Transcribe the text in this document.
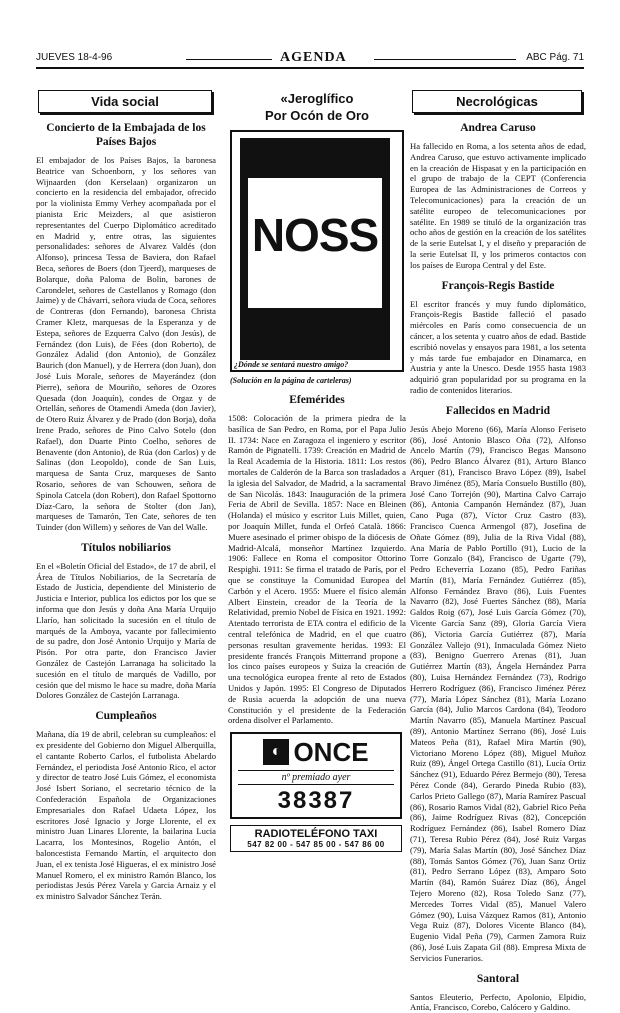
JUEVES 18-4-96	AGENDA	ABC Pág. 71
Vida social
Concierto de la Embajada de los Países Bajos

El embajador de los Países Bajos, la baronesa Beatrice van Schoenborn, y los señores van Wijnaarden (don Kerselaan) organizaron un concierto en la residencia del embajador, ofrecido por la violinista Emmy Verhey acompañada por el pianista Eric Meizders, al que asistieron representantes del Cuerpo Diplomático acreditado en Madrid y, entre otras, las siguientes personalidades: señores de Alvarez Valdés (don Alfonso), princesa Tessa de Baviera, don Rafael Beca, señores de Boers (don Tjeerd), marqueses de Bolarque, doña Paloma de Bolin, barones de Carondelet, señores de Castellanos y Romago (don Jaime) y de Chávarri, señora viuda de Coca, señores de Contreras (don Fernando), baronesa Christa Cramer Kletz, marquesas de la Esperanza y de Estepa, señores de Ezquerra Calvo (don Jesús), de Fernández (don Luis), de Fées (don Roberto), de González Adalid (don Antonio), de González Baurich (don Manuel), y de Herrera (don Juan), don José Luis Morale, señores de Mayerández (don Pierre), señora de Mouriño, señores de Ozores Quesada (don Joaquín), condes de Orgaz y de Ortellán, señores de Otamendi Ameda (don Javier), de Otero Ruiz Álvarez y de Prado (don Borja), doña Irene Prado, señores de Pino Calvo Sotelo (don Rafael), don Duarte Pinto Coelho, señores de Benavente (don Antonio), de Rúa (don Carlos) y de Salinas (don Leopoldo), conde de San Luis, marquesa de Santa Cruz, marqueses de Santo Rosario, señores de van Schouwen, señora de Spinola Catcela (don Robert), don Rafael Spottorno Díaz-Caro, la señora de Stolter (don Jan), marqueses de Tamarón, Ten Cate, señores de ten Tuinder (don Willem) y señores de Van del Walle.

Títulos nobiliarios

En el «Boletín Oficial del Estado», de 17 de abril, el Área de Títulos Nobiliarios, de la Secretaría de Estado de Justicia, dependiente del Ministerio de Justicia e Interior, publica los edictos por los que se informa que don Jesús y doña Ana María Urquijo Llarío, han solicitado la sucesión en el título de marqués de la Amboya, vacante por fallecimiento de su padre, don José Antonio Urquijo y María de Pisón. Por otra parte, don Francisco Javier González de Castejón Larranaga ha solicitado la sucesión en el título de marqués de Vadillo, por cesión que del mismo le hace su madre, doña María Dolores González de Castejón Larranaga.

Cumpleaños

Mañana, día 19 de abril, celebran su cumpleaños: el ex presidente del Gobierno don Miguel Alberquilla, el cantante Roberto Carlos, el futbolista Abelardo Fernández, el periodista José Antonio Rico, el actor y director de teatro José Luis Gómez, el economista José Isbert Soriano, el secretario técnico de la Confederación Española de Organizaciones Empresariales don Rafael Udaeta López, los escritores José Ignacio y Jorge Llorente, el ex ministro Juan Linares Llorente, la bailarina Lucia Lacarra, los Montesinos, Rogelio Antón, el baloncestista Fernando Martín, el arquitecto don Juan, el ex tenista José Higueras, el ex ministro José Manuel Romero, el ex ministro Ramón Blanco, los periodistas Jesús Pérez Varela y Garcia Arnaiz y el ex ministro Salvador Sánchez Terán.

«Jeroglífico
Por Ocón de Oro
NOSS
¿Dónde se sentará nuestro amigo?
(Solución en la página de carteleras)
Efemérides

1508: Colocación de la primera piedra de la basílica de San Pedro, en Roma, por el Papa Julio II. 1734: Nace en Zaragoza el ingeniero y escritor Ramón de Pignatelli. 1739: Creación en Madrid de la Real Academia de la Historia. 1811: Los restos mortales de Calderón de la Barca son trasladados a la iglesia del Salvador, de Madrid, a la sacramental de San Nicolás. 1843: Inauguración de la primera Feria de Abril de Sevilla. 1857: Nace en Bleinen (Holanda) el músico y escritor Luis Millet, quien, por Joaquín Millet, funda el Orfeó Català. 1866: Muere asesinado el primer obispo de la diócesis de Madrid-Alcalá, monseñor Martínez Izquierdo. 1906: Fallece en Roma el compositor Ottorino Respighi. 1911: Se firma el tratado de París, por el que se constituye la Comunidad Europea del Carbón y el Acero. 1955: Muere el físico alemán Albert Einstein, creador de la Teoría de la Relatividad, premio Nobel de Física en 1921. 1992: Atentado terrorista de ETA contra el edificio de la central telefónica de Madrid, en el que cuatro personas resultan gravemente heridas. 1993: El presidente francés François Mitterrand propone a los cinco países europeos y Suiza la creación de una tecnológica europea frente al reto de Estados Unidos y Japón. 1995: El Congreso de Diputados de Rusia acuerda la adopción de una nueva Constitución y el presidente de la Federación ordena disolver el Parlamento.

◐ ONCE
nº premiado ayer
38387
RADIOTELÉFONO TAXI
547 82 00 - 547 85 00 - 547 86 00
Necrológicas
Andrea Caruso

Ha fallecido en Roma, a los setenta años de edad, Andrea Caruso, que estuvo activamente implicado en la creación de Hispasat y en la participación en el grupo de trabajo de la CEPT (Conferencia Europea de las Administraciones de Correos y Telecomunicaciones) para la creación de un satélite europeo de telecomunicaciones por satélite. En 1989 se tituló de la organización tras ocho años de gestión en la creación de los satélites de la serie Eutelsat I, y el diseño y preparación de la serie Eutelsat II, y los primeros contactos con los países de Europa Central y del Este.

François-Regis Bastide

El escritor francés y muy fundo diplomático, François-Regis Bastide falleció el pasado miércoles en París como consecuencia de un cáncer, a los setenta y cuatro años de edad. Bastide escribió novelas y ensayos para 1981, a los setenta y más tarde fue embajador en Dinamarca, en Austria y ante la Unesco. Desde 1955 hasta 1983 adquirió gran popularidad por su programa en la radio de contenidos literarios.

Fallecidos en Madrid

Jesús Abejo Moreno (66), María Alonso Feriseto (86), José Antonio Blasco Oña (72), Alfonso Ancelo Martín (79), Francisco Begas Mansono (86), Pedro Blanco Álvarez (81), Arturo Blanco Arquer (81), Francisco Bravo López (89), Isabel Bravo Jiménez (85), María Consuelo Bustillo (80), José Cano Torrejón (90), Martina Calvo Carrajo (86), Antonia Campanón Hernández (87), Juan Cano Puga (87), Víctor Cruz Castro (83), Francisco Cuenca Armengol (87), Josefina de Oñate Gómez (89), Julia de la Riva Vidal (88), Ana María de Pablo Portillo (91), Lucio de la Torre Gonzalo (84), Francisco de Ugarte (79), Pedro Echeverría Lozano (85), Pedro Fariñas Martín (81), María Fernández Gutiérrez (85), Alfonso Fernández Bravo (86), Luis Fuentes Navarro (82), José Fuertes Sánchez (88), María Galdos Roig (67), José Luis García Gómez (70), Vicente García Sanz (89), Gloria García Viera (86), Victoria García Gutiérrez (87), María González Vallejo (91), Inmaculada Gómez Nieto (83), Benigno Guerrero Arenas (81), Juan Gutiérrez Martín (83), Ángela Hernández Parra (80), Luisa Hernández Fernández (73), Rodrigo Herrero Rodríguez (86), Francisco Jiménez Pérez (77), María López Sánchez (81), María Lozano García (84), Julio Marcos Cardona (84), Teodoro Martín Navarro (85), Manuela Martínez Pascual (89), Antonio Martínez Serrano (86), José Luis Mateos Peña (81), Rafael Mira Martín (90), Victoriano Moreno López (88), Miguel Muñoz Ruiz (89), Ángel Ortega Castillo (81), Lucía Ortiz Sánchez (91), Eduardo Pérez Bermejo (80), Teresa Pérez Conde (84), Gerardo Pineda Rubio (83), Carlos Prieto Gallego (87), María Ramírez Pascual (86), Rosario Ramos Vidal (82), Gabriel Rico Peña (86), Jaime Rodríguez Rivas (82), Concepción Rodríguez Fernández (86), Isabel Romero Díaz (71), Teresa Rubio Pérez (84), José Ruiz Vargas (79), María Salas Martín (80), José Sánchez Díaz (88), Tomás Santos Gómez (76), Juan Sanz Ortiz (81), Pedro Serrano López (83), Amparo Soto Martín (84), Ramón Suárez Díaz (86), Ángel Tejero Moreno (82), Rosa Toledo Sanz (77), Mercedes Torres Vidal (85), Manuel Valero Gómez (90), Luisa Vázquez Ramos (81), Antonio Vega Ruiz (87), Dolores Vicente Blanco (84), Eugenio Vidal Peña (79), Carmen Zamora Ruiz (86), José Luis Zapata Gil (88). Empresa Mixta de Servicios Funerarios.

Santoral

Santos Eleuterio, Perfecto, Apolonio, Elpidio, Antía, Francisco, Corebo, Calócero y Galdino.
